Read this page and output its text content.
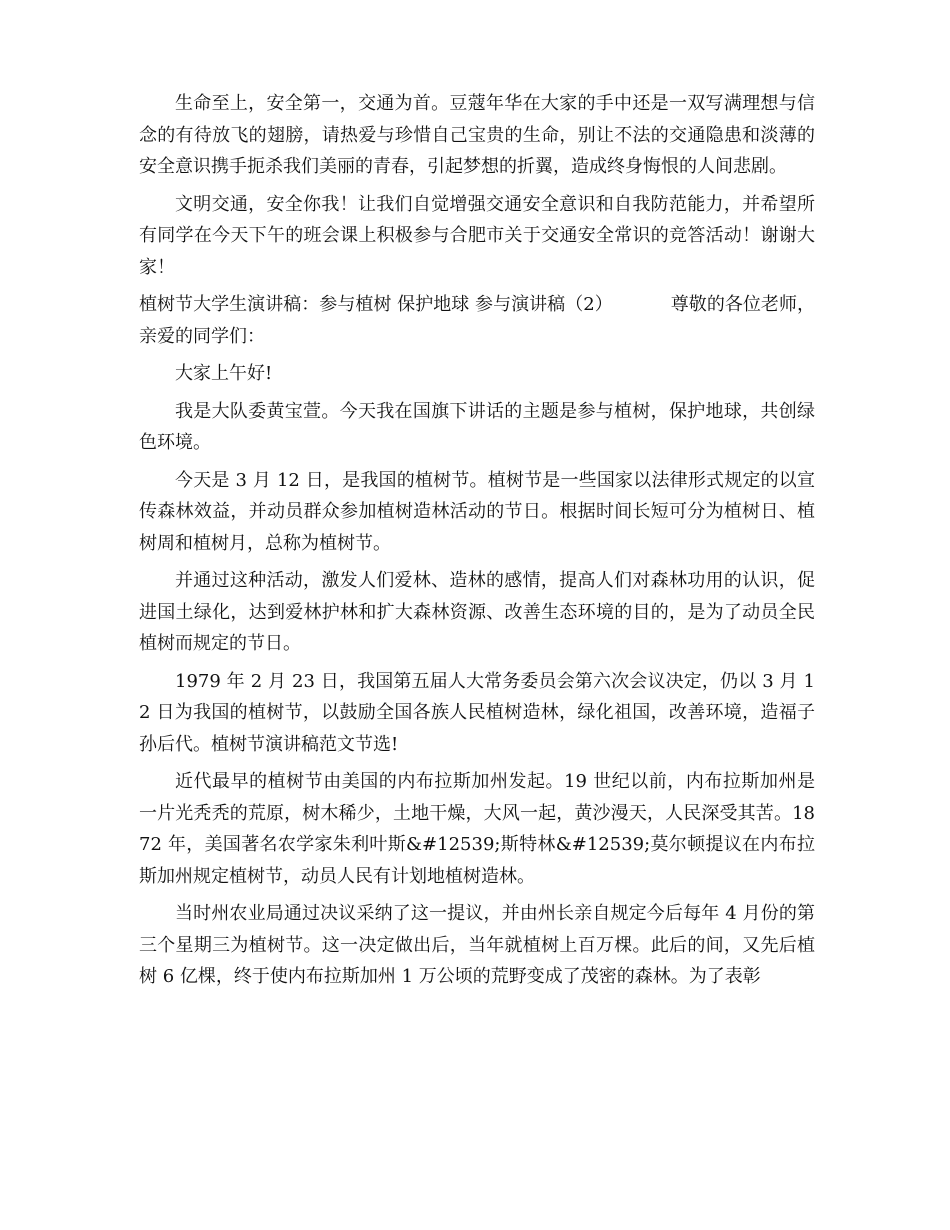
生命至上，安全第一，交通为首。豆蔻年华在大家的手中还是一双写满理想与信念的有待放飞的翅膀，请热爱与珍惜自己宝贵的生命，别让不法的交通隐患和淡薄的安全意识携手扼杀我们美丽的青春，引起梦想的折翼，造成终身悔恨的人间悲剧。

文明交通，安全你我！让我们自觉增强交通安全意识和自我防范能力，并希望所有同学在今天下午的班会课上积极参与合肥市关于交通安全常识的竞答活动！谢谢大家！

植树节大学生演讲稿：参与植树 保护地球 参与演讲稿（2）	尊敬的各位老师，亲爱的同学们：

大家上午好!

我是大队委黄宝萱。今天我在国旗下讲话的主题是参与植树，保护地球，共创绿色环境。

今天是 3 月 12 日，是我国的植树节。植树节是一些国家以法律形式规定的以宣传森林效益，并动员群众参加植树造林活动的节日。根据时间长短可分为植树日、植树周和植树月，总称为植树节。

并通过这种活动，激发人们爱林、造林的感情，提高人们对森林功用的认识，促进国土绿化，达到爱林护林和扩大森林资源、改善生态环境的目的，是为了动员全民植树而规定的节日。

1979 年 2 月 23 日，我国第五届人大常务委员会第六次会议决定，仍以 3 月 12 日为我国的植树节，以鼓励全国各族人民植树造林，绿化祖国，改善环境，造福子孙后代。植树节演讲稿范文节选!

近代最早的植树节由美国的内布拉斯加州发起。19 世纪以前，内布拉斯加州是一片光秃秃的荒原，树木稀少，土地干燥，大风一起，黄沙漫天，人民深受其苦。1872 年，美国著名农学家朱利叶斯&#12539;斯特林&#12539;莫尔顿提议在内布拉斯加州规定植树节，动员人民有计划地植树造林。

当时州农业局通过决议采纳了这一提议，并由州长亲自规定今后每年 4 月份的第三个星期三为植树节。这一决定做出后，当年就植树上百万棵。此后的间，又先后植树 6 亿棵，终于使内布拉斯加州 1 万公顷的荒野变成了茂密的森林。为了表彰
